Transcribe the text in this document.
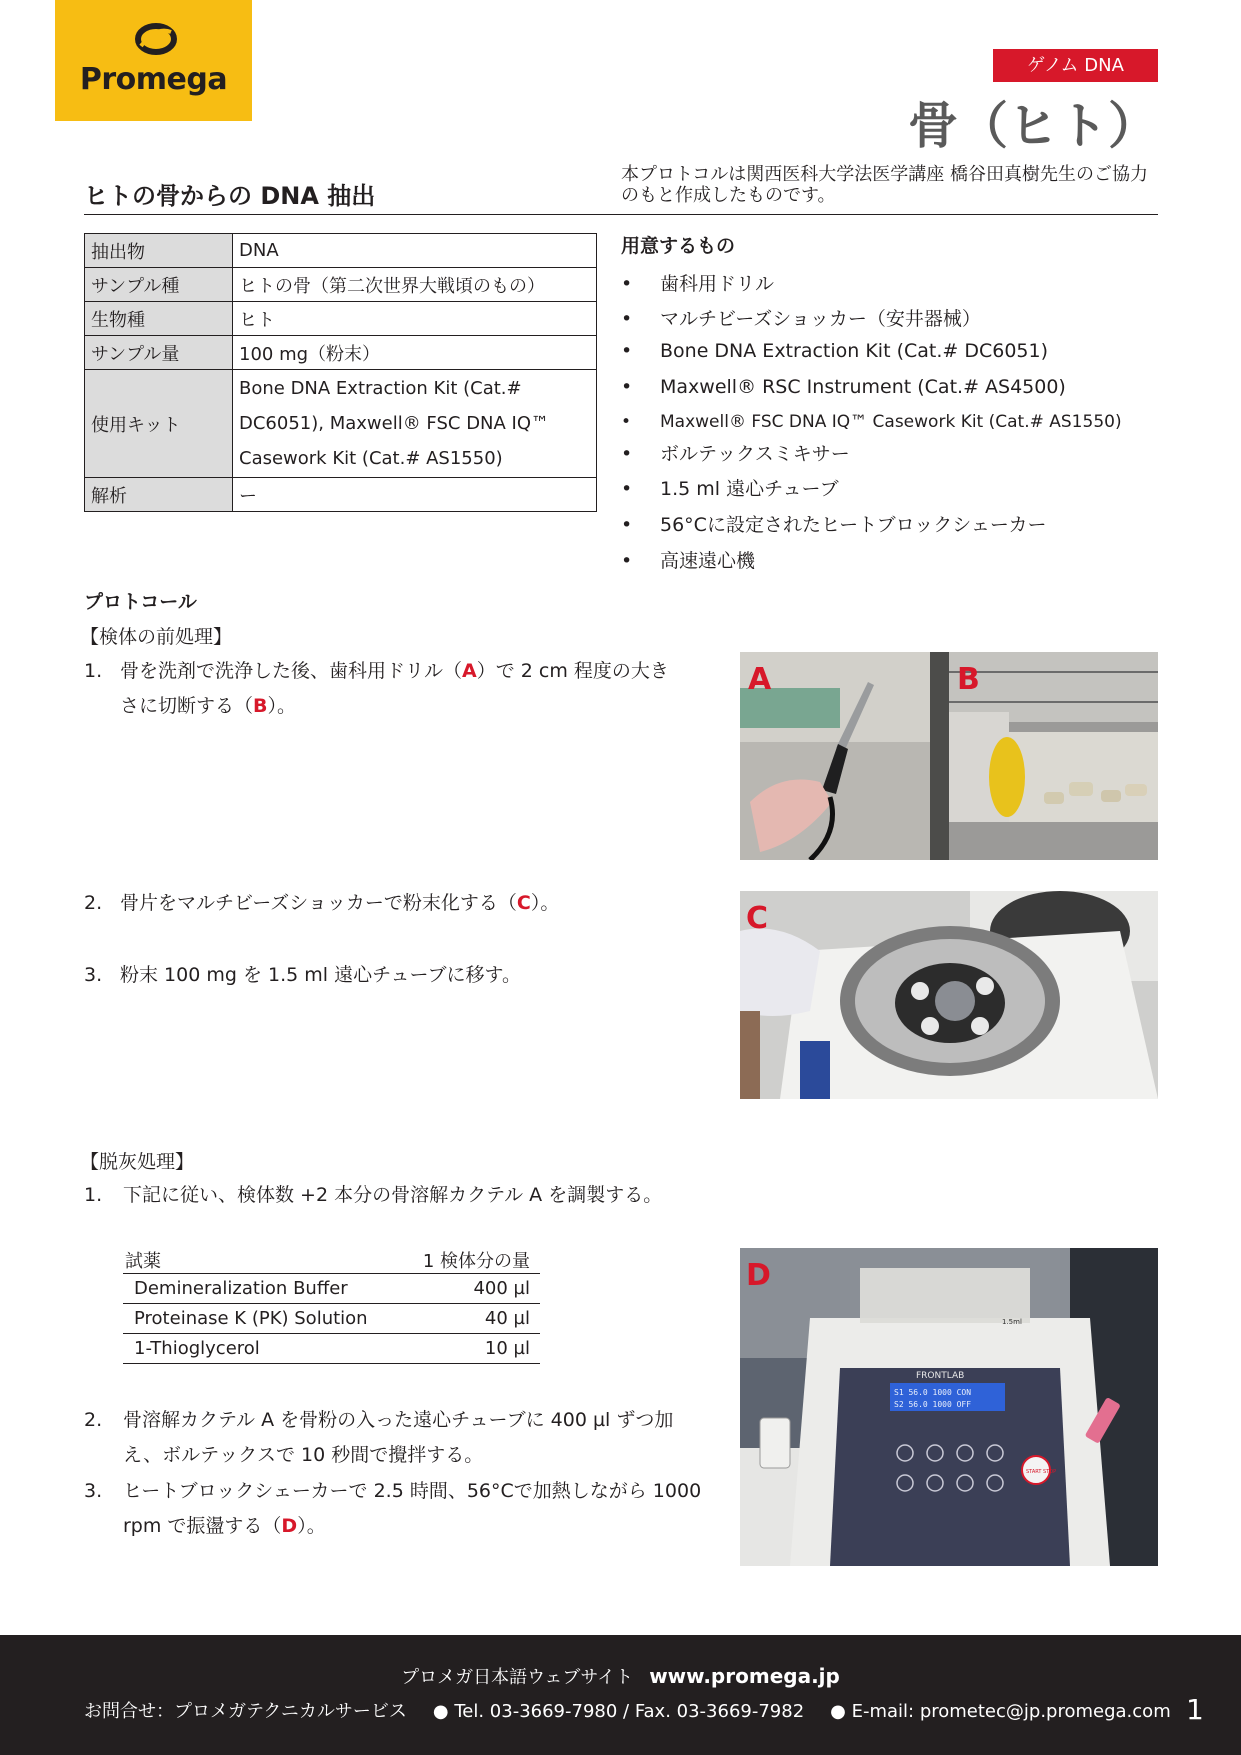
Promega	ゲノム DNA
骨（ヒト）
ヒトの骨からの DNA 抽出
本プロトコルは関西医科大学法医学講座 橋谷田真樹先生のご協力のもと作成したものです。
抽出物	DNA
サンプル種	ヒトの骨（第二次世界大戦頃のもの）
生物種	ヒト
サンプル量	100 mg（粉末）
使用キット	Bone DNA Extraction Kit (Cat.#
DC6051), Maxwell® FSC DNA IQ™
Casework Kit (Cat.# AS1550)

解析	ー
用意するもの
• 歯科用ドリル
• マルチビーズショッカー（安井器械）
• Bone DNA Extraction Kit (Cat.# DC6051)
• Maxwell® RSC Instrument (Cat.# AS4500)
• Maxwell® FSC DNA IQ™ Casework Kit (Cat.# AS1550)
• ボルテックスミキサー
• 1.5 ml 遠心チューブ
• 56°Cに設定されたヒートブロックシェーカー
• 高速遠心機
プロトコール
【検体の前処理】
1. 骨を洗剤で洗浄した後、歯科用ドリル（A）で 2 cm 程度の大き
さに切断する（B）。
2. 骨片をマルチビーズショッカーで粉末化する（C）。
3. 粉末 100 mg を 1.5 ml 遠心チューブに移す。
【脱灰処理】
1. 下記に従い、検体数 +2 本分の骨溶解カクテル A を調製する。
試薬	1 検体分の量
Demineralization Buffer	400 µl
Proteinase K (PK) Solution	40 µl
1-Thioglycerol	10 µl
2. 骨溶解カクテル A を骨粉の入った遠心チューブに 400 µl ずつ加
え、ボルテックスで 10 秒間で攪拌する。
3. ヒートブロックシェーカーで 2.5 時間、56°Cで加熱しながら 1000
rpm で振盪する（D）。
A	B
C
FRONTLAB
S1 56.0 1000 CON
S2 56.0 1000 OFF
START STOP
1.5ml
D
プロメガ日本語ウェブサイト www.promega.jp
お問合せ：プロメガテクニカルサービス ● Tel. 03-3669-7980 / Fax. 03-3669-7982 ● E-mail: prometec@jp.promega.com 1
